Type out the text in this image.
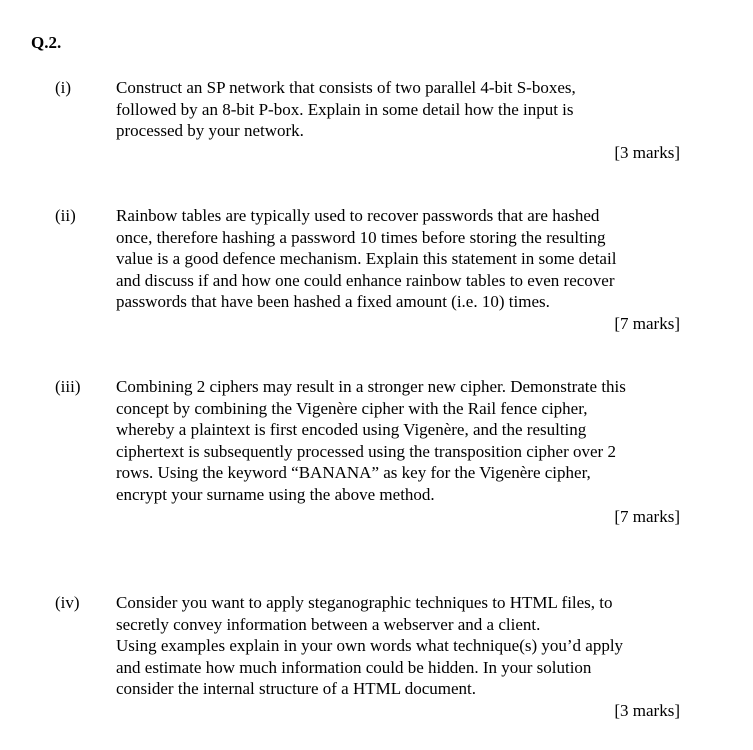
Q.2.
(i)	Construct an SP network that consists of two parallel 4-bit S-boxes,
followed by an 8-bit P-box. Explain in some detail how the input is
processed by your network.
[3 marks]
(ii) Rainbow tables are typically used to recover passwords that are hashed
once, therefore hashing a password 10 times before storing the resulting
value is a good defence mechanism. Explain this statement in some detail
and discuss if and how one could enhance rainbow tables to even recover
passwords that have been hashed a fixed amount (i.e. 10) times.
[7 marks]
(iii) Combining 2 ciphers may result in a stronger new cipher. Demonstrate this
concept by combining the Vigenère cipher with the Rail fence cipher,
whereby a plaintext is first encoded using Vigenère, and the resulting
ciphertext is subsequently processed using the transposition cipher over 2
rows. Using the keyword “BANANA” as key for the Vigenère cipher,
encrypt your surname using the above method.
[7 marks]
(iv) Consider you want to apply steganographic techniques to HTML files, to
secretly convey information between a webserver and a client.
Using examples explain in your own words what technique(s) you’d apply
and estimate how much information could be hidden. In your solution
consider the internal structure of a HTML document.
[3 marks]
